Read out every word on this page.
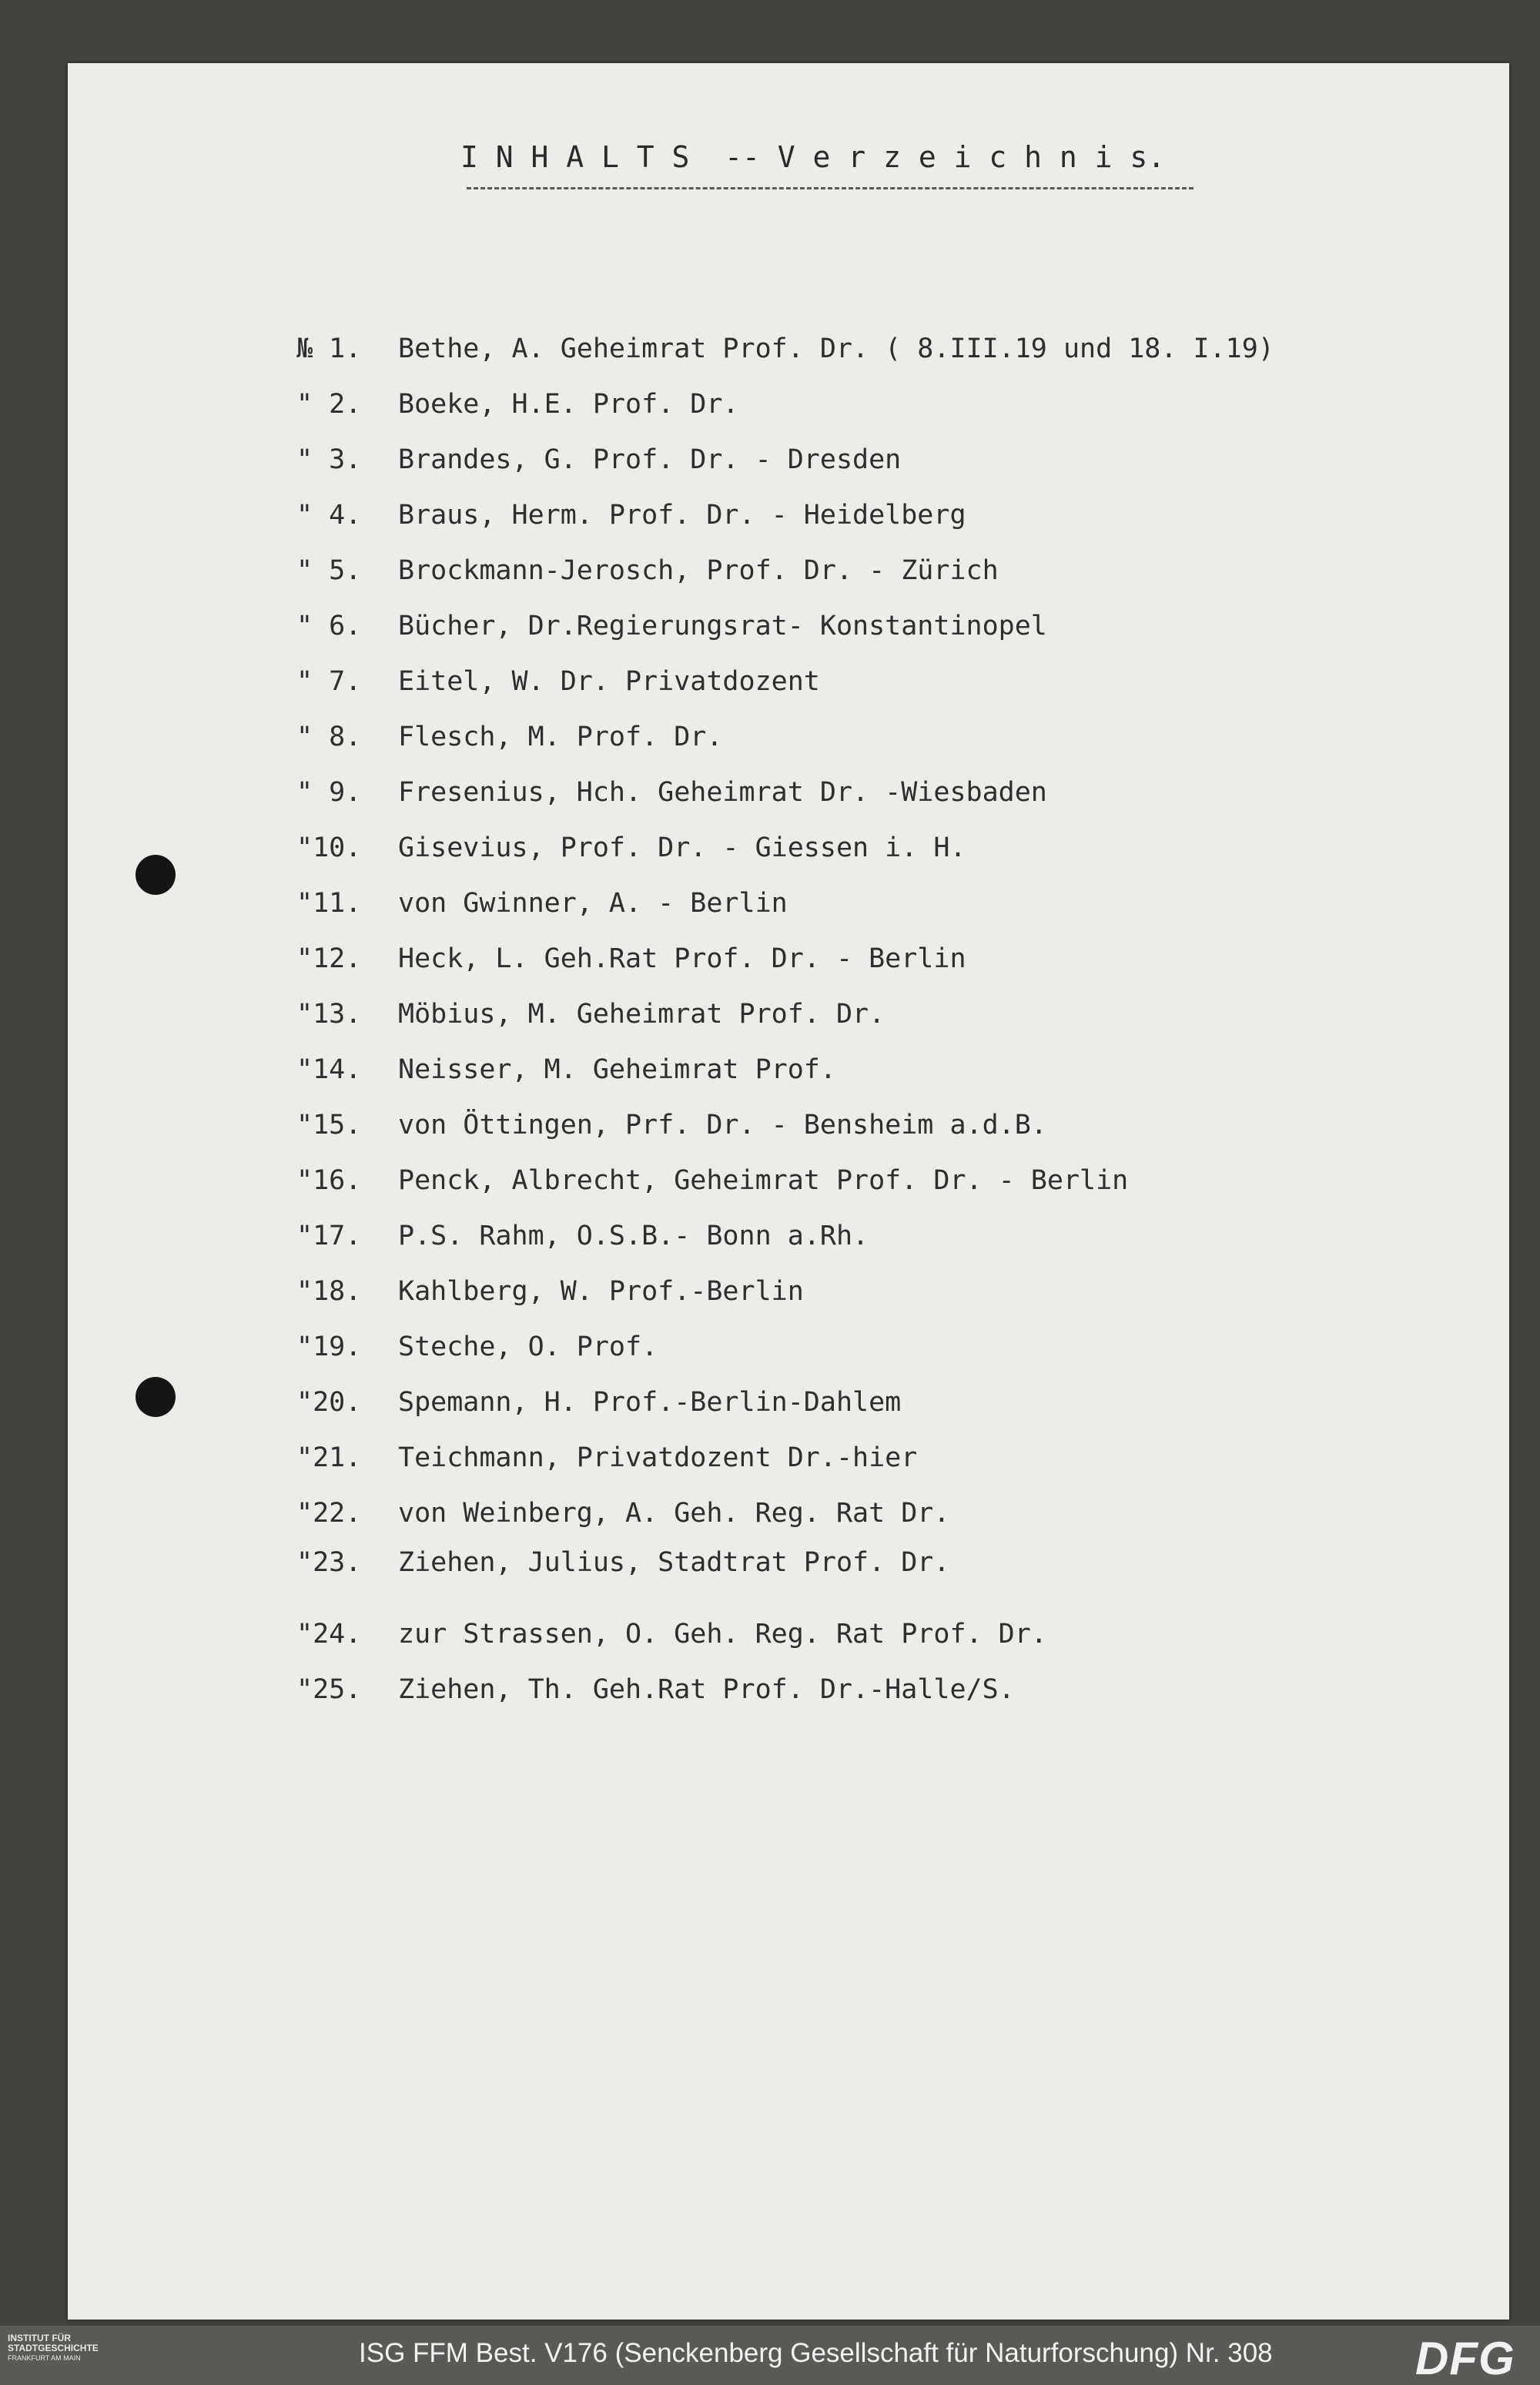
I N H A L T S  -- V e r z e i c h n i s.
№ 1. Bethe, A. Geheimrat Prof. Dr. ( 8.III.19 und 18. I.19)
" 2. Boeke, H.E. Prof. Dr.
" 3. Brandes, G. Prof. Dr. - Dresden
" 4. Braus, Herm. Prof. Dr. - Heidelberg
" 5. Brockmann-Jerosch, Prof. Dr. - Zürich
" 6. Bücher, Dr.Regierungsrat- Konstantinopel
" 7. Eitel, W. Dr. Privatdozent
" 8. Flesch, M. Prof. Dr.
" 9. Fresenius, Hch. Geheimrat Dr. -Wiesbaden
"10. Gisevius, Prof. Dr. - Giessen i. H.
"11. von Gwinner, A. - Berlin
"12. Heck, L. Geh.Rat Prof. Dr. - Berlin
"13. Möbius, M. Geheimrat Prof. Dr.
"14. Neisser, M. Geheimrat Prof.
"15. von Öttingen, Prf. Dr. - Bensheim a.d.B.
"16. Penck, Albrecht, Geheimrat Prof. Dr. - Berlin
"17. P.S. Rahm, O.S.B.- Bonn a.Rh.
"18. Kahlberg, W. Prof.-Berlin
"19. Steche, O. Prof.
"20. Spemann, H. Prof.-Berlin-Dahlem
"21. Teichmann, Privatdozent Dr.-hier
"22. von Weinberg, A. Geh. Reg. Rat Dr.
"23. Ziehen, Julius, Stadtrat Prof. Dr.
"24. zur Strassen, O. Geh. Reg. Rat Prof. Dr.
"25. Ziehen, Th. Geh.Rat Prof. Dr.-Halle/S.
INSTITUT FÜR
STADTGESCHICHTE
FRANKFURT AM MAIN	ISG FFM Best. V176 (Senckenberg Gesellschaft für Naturforschung) Nr. 308	DFG
